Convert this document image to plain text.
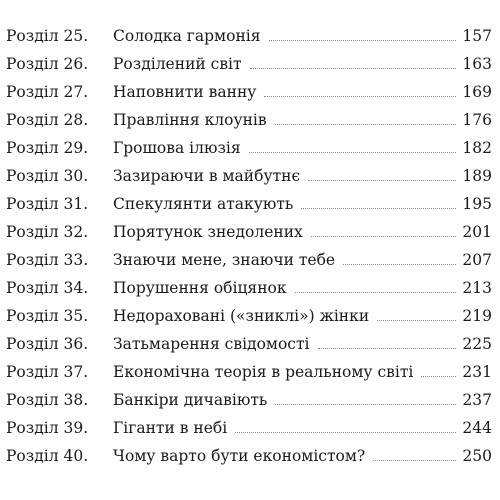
Розділ 25.	Солодка гармонія	157
Розділ 26.	Розділений світ	163
Розділ 27.	Наповнити ванну	169
Розділ 28.	Правління клоунів	176
Розділ 29.	Грошова ілюзія	182
Розділ 30.	Зазираючи в майбутнє	189
Розділ 31.	Спекулянти атакують	195
Розділ 32.	Порятунок знедолених	201
Розділ 33.	Знаючи мене, знаючи тебе	207
Розділ 34.	Порушення обіцянок	213
Розділ 35.	Недораховані («зниклі») жінки	219
Розділ 36.	Затьмарення свідомості	225
Розділ 37.	Економічна теорія в реальному світі	231
Розділ 38.	Банкіри дичавіють	237
Розділ 39.	Гіганти в небі	244
Розділ 40.	Чому варто бути економістом?	250
